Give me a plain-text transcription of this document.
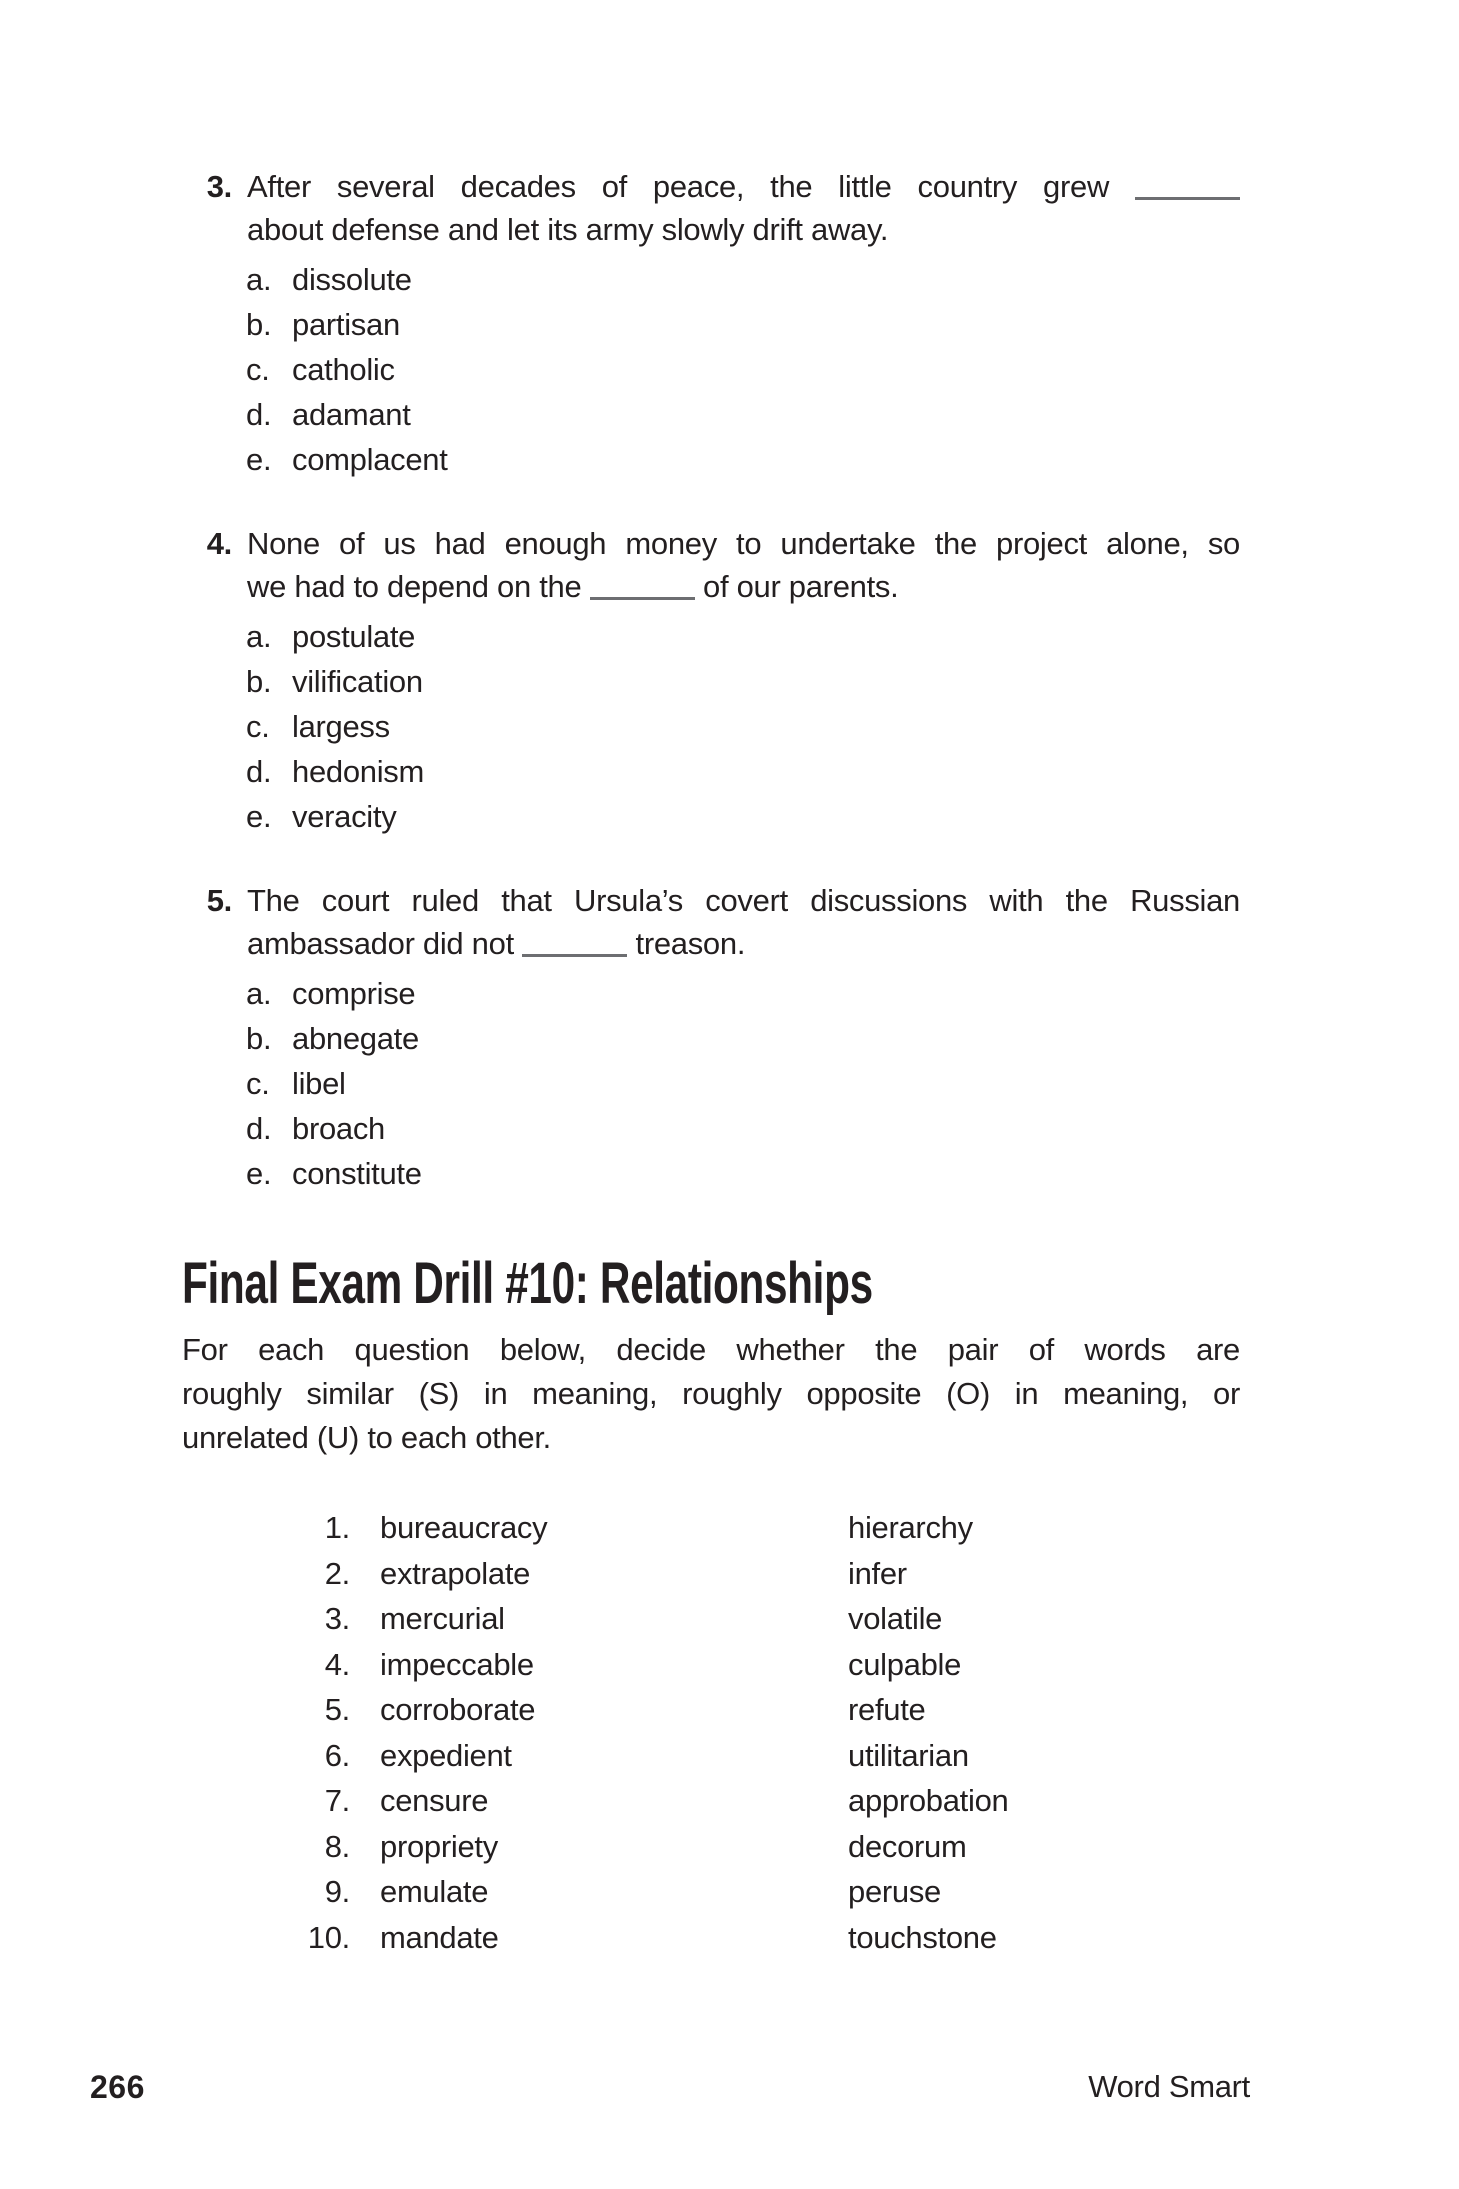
3. After several decades of peace, the little country grew
about defense and let its army slowly drift away.
a. dissolute
b. partisan
c. catholic
d. adamant
e. complacent
4. None of us had enough money to undertake the project alone, so
we had to depend on the	of our parents.
a. postulate
b. vilification
c. largess
d. hedonism
e. veracity
5. The court ruled that Ursula’s covert discussions with the Russian
ambassador did not	treason.
a. comprise
b. abnegate
c. libel
d. broach
e. constitute
Final Exam Drill #10: Relationships
For each question below, decide whether the pair of words are
roughly similar (S) in meaning, roughly opposite (O) in meaning, or
unrelated (U) to each other.
1. bureaucracy	hierarchy
2. extrapolate	infer
3. mercurial	volatile
4. impeccable	culpable
5. corroborate	refute
6. expedient	utilitarian
7. censure	approbation
8. propriety	decorum
9. emulate	peruse
10. mandate	touchstone
266	Word Smart
